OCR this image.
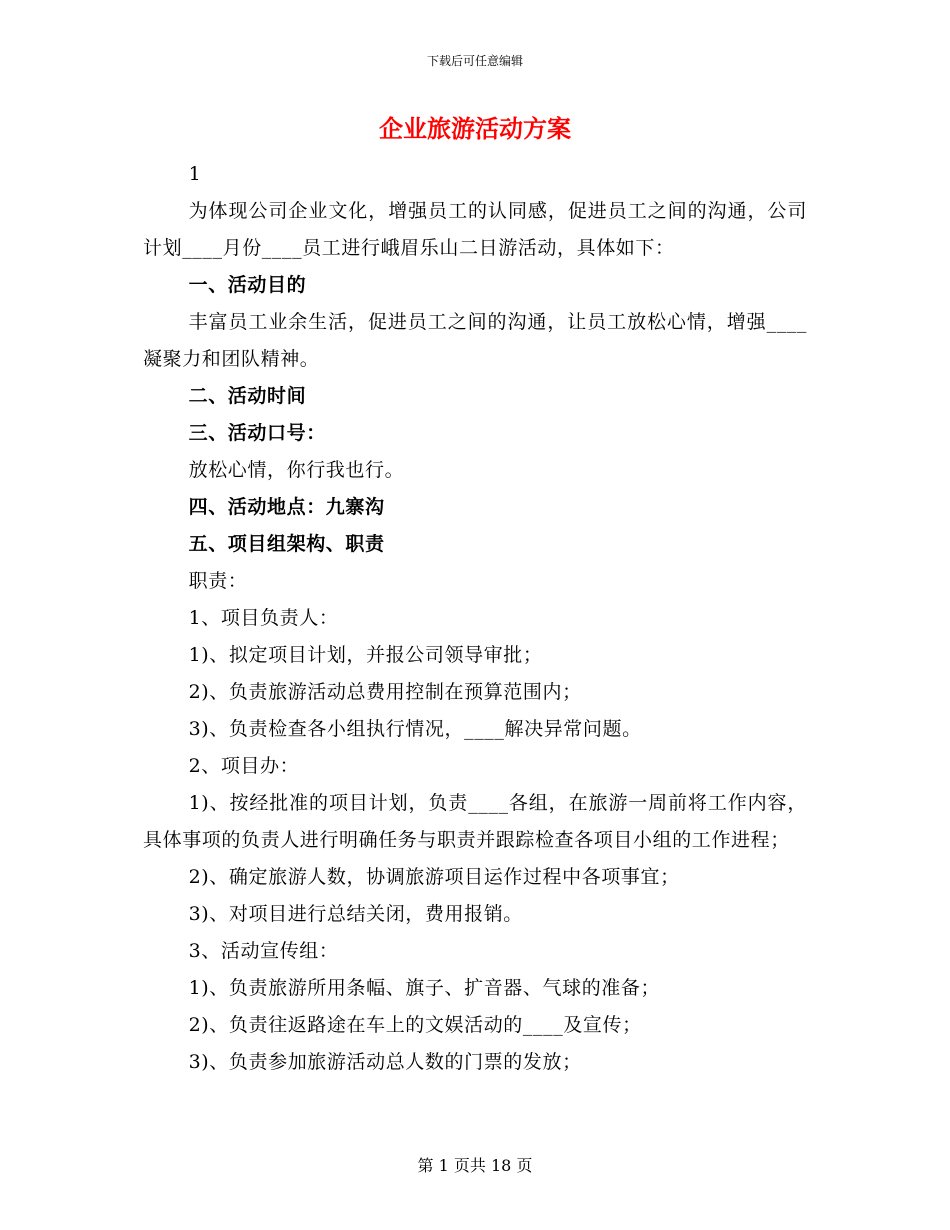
下载后可任意编辑
企业旅游活动方案

1

为体现公司企业文化，增强员工的认同感，促进员工之间的沟通，公司计划____月份____员工进行峨眉乐山二日游活动，具体如下：

一、活动目的

丰富员工业余生活，促进员工之间的沟通，让员工放松心情，增强____凝聚力和团队精神。

二、活动时间

三、活动口号：

放松心情，你行我也行。

四、活动地点：九寨沟

五、项目组架构、职责

职责：

1、项目负责人：

1)、拟定项目计划，并报公司领导审批；

2)、负责旅游活动总费用控制在预算范围内；

3)、负责检查各小组执行情况，____解决异常问题。

2、项目办：

1)、按经批准的项目计划，负责____各组，在旅游一周前将工作内容，具体事项的负责人进行明确任务与职责并跟踪检查各项目小组的工作进程；

2)、确定旅游人数，协调旅游项目运作过程中各项事宜；

3)、对项目进行总结关闭，费用报销。

3、活动宣传组：

1)、负责旅游所用条幅、旗子、扩音器、气球的准备；

2)、负责往返路途在车上的文娱活动的____及宣传；

3)、负责参加旅游活动总人数的门票的发放；

第 1 页共 18 页
